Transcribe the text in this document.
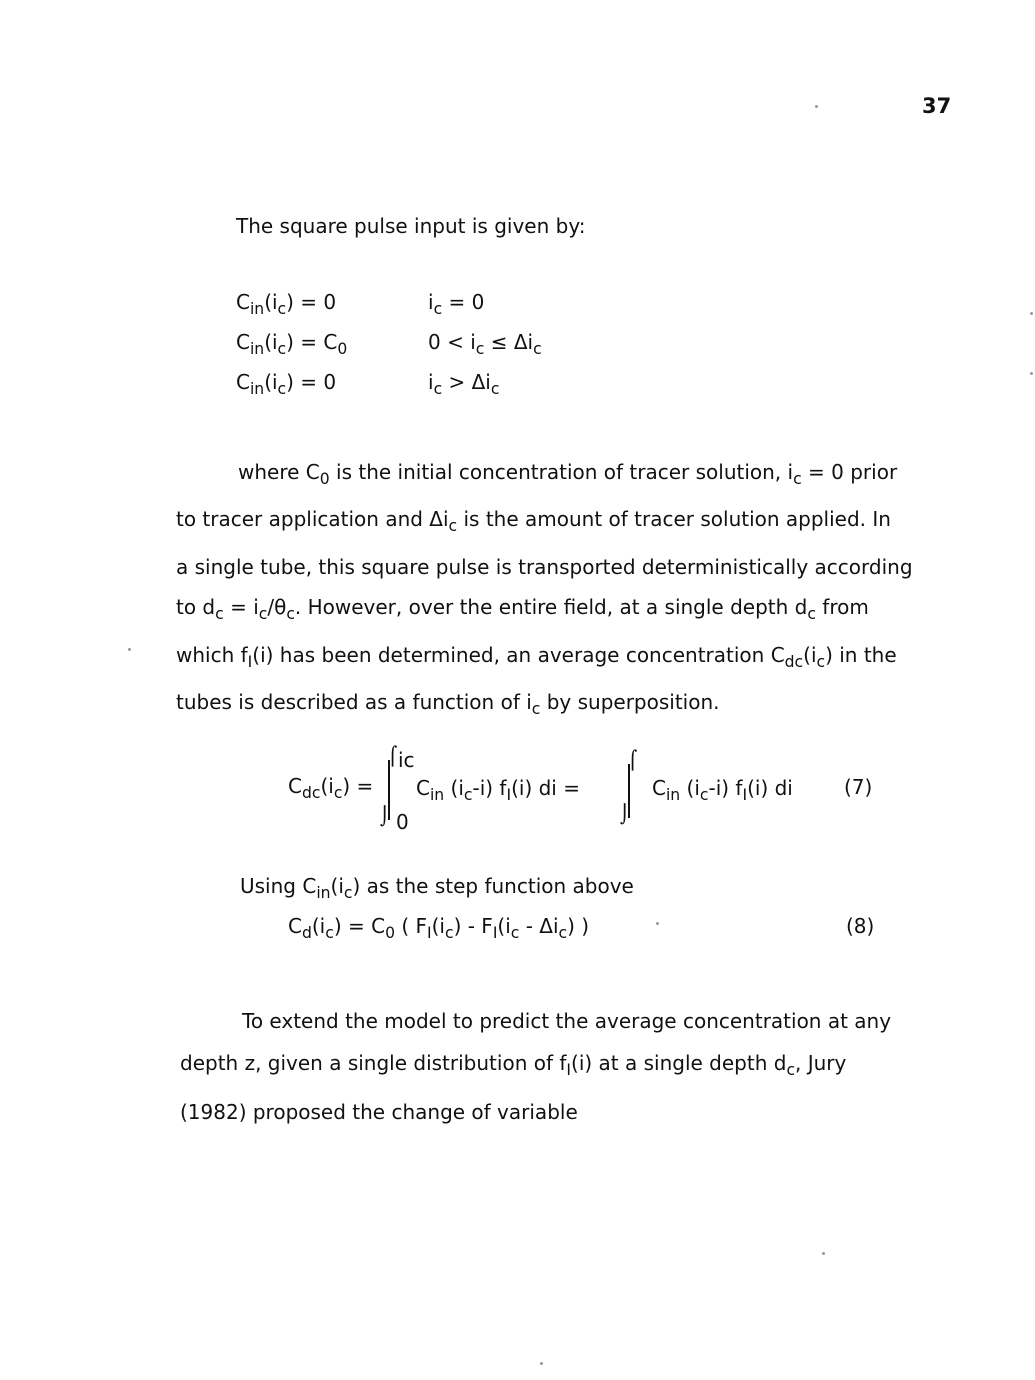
37
The square pulse input is given by:
$C_{in}(i_c) = 0$	$i_c = 0$
$C_{in}(i_c) = C_0$	$0 < i_c \le \Delta i_c$
$C_{in}(i_c) = 0$	$i_c > \Delta i_c$
where $C_0$ is the initial concentration of tracer solution, $i_c = 0$ prior
to tracer application and $\Delta i_c$ is the amount of tracer solution applied. In
a single tube, this square pulse is transported deterministically according
to $d_c = i_c/\theta_c$. However, over the entire field, at a single depth $d_c$ from
which $f_I(i)$ has been determined, an average concentration $C_{dc}(i_c)$ in the
tubes is described as a function of $i_c$ by superposition.
$C_{dc}(i_c)$ =
⌠
⌡
ic
0
$C_{in}$ $(i_c-i)$ $f_I(i)$ di =
⌠
⌡
$C_{in}$ $(i_c-i)$ $f_I(i)$ di	(7)
Using $C_{in}(i_c)$ as the step function above
$C_d(i_c) = C_0$ ( $F_I(i_c) - F_I(i_c - \Delta i_c)$ )	(8)
To extend the model to predict the average concentration at any
depth z, given a single distribution of $f_I(i)$ at a single depth $d_c$, Jury
(1982) proposed the change of variable
